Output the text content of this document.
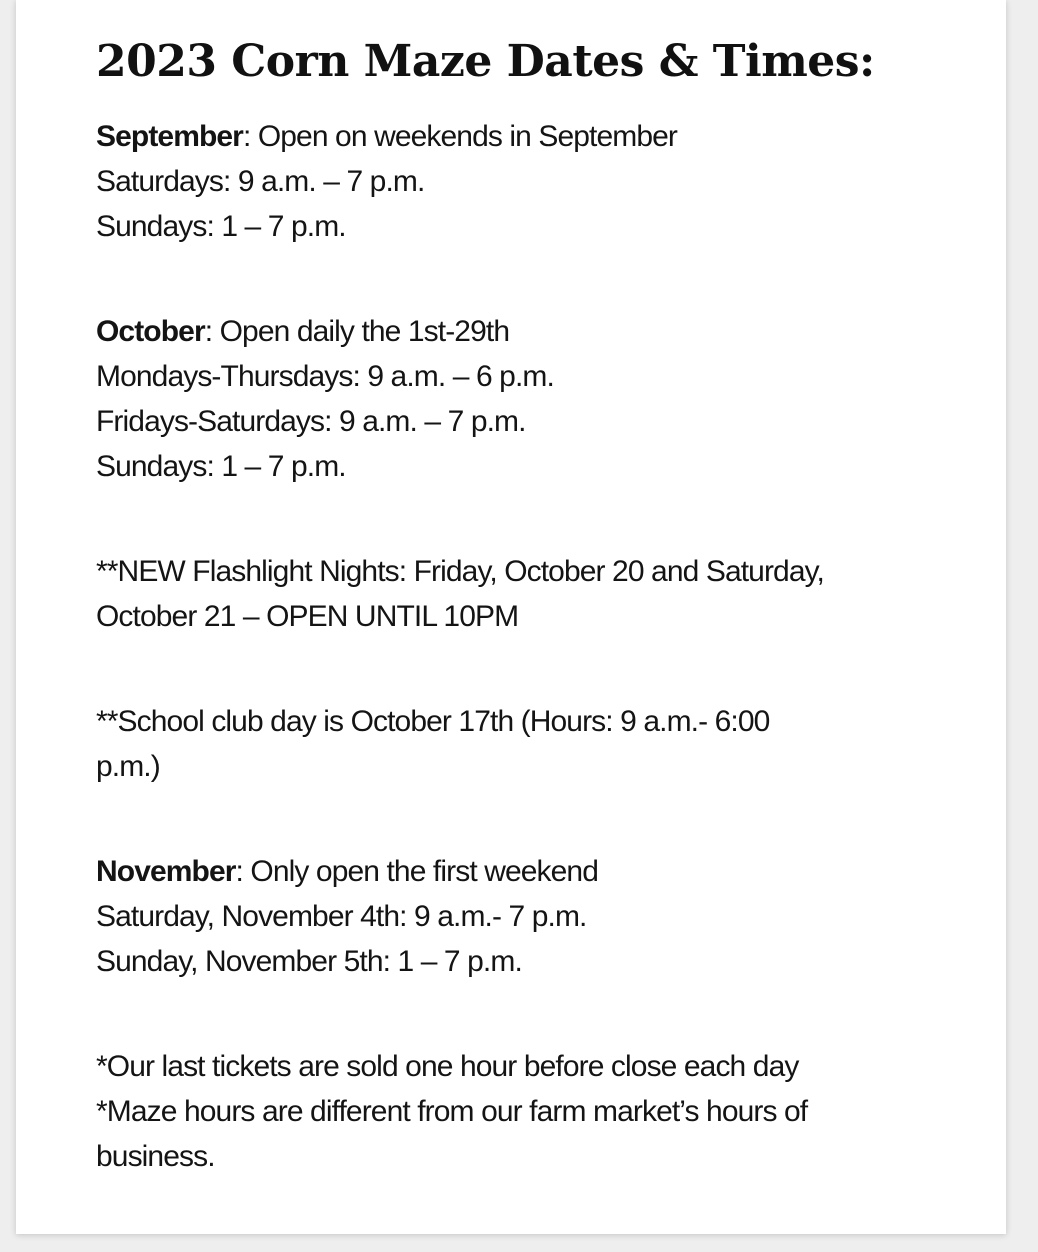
2023 Corn Maze Dates & Times:
September: Open on weekends in September
Saturdays: 9 a.m. – 7 p.m.
Sundays: 1 – 7 p.m.
October: Open daily the 1st-29th
Mondays-Thursdays: 9 a.m. – 6 p.m.
Fridays-Saturdays: 9 a.m. – 7 p.m.
Sundays: 1 – 7 p.m.
**NEW Flashlight Nights: Friday, October 20 and Saturday,
October 21 – OPEN UNTIL 10PM
**School club day is October 17th (Hours: 9 a.m.- 6:00
p.m.)
November: Only open the first weekend
Saturday, November 4th: 9 a.m.- 7 p.m.
Sunday, November 5th: 1 – 7 p.m.
*Our last tickets are sold one hour before close each day
*Maze hours are different from our farm market’s hours of
business.
